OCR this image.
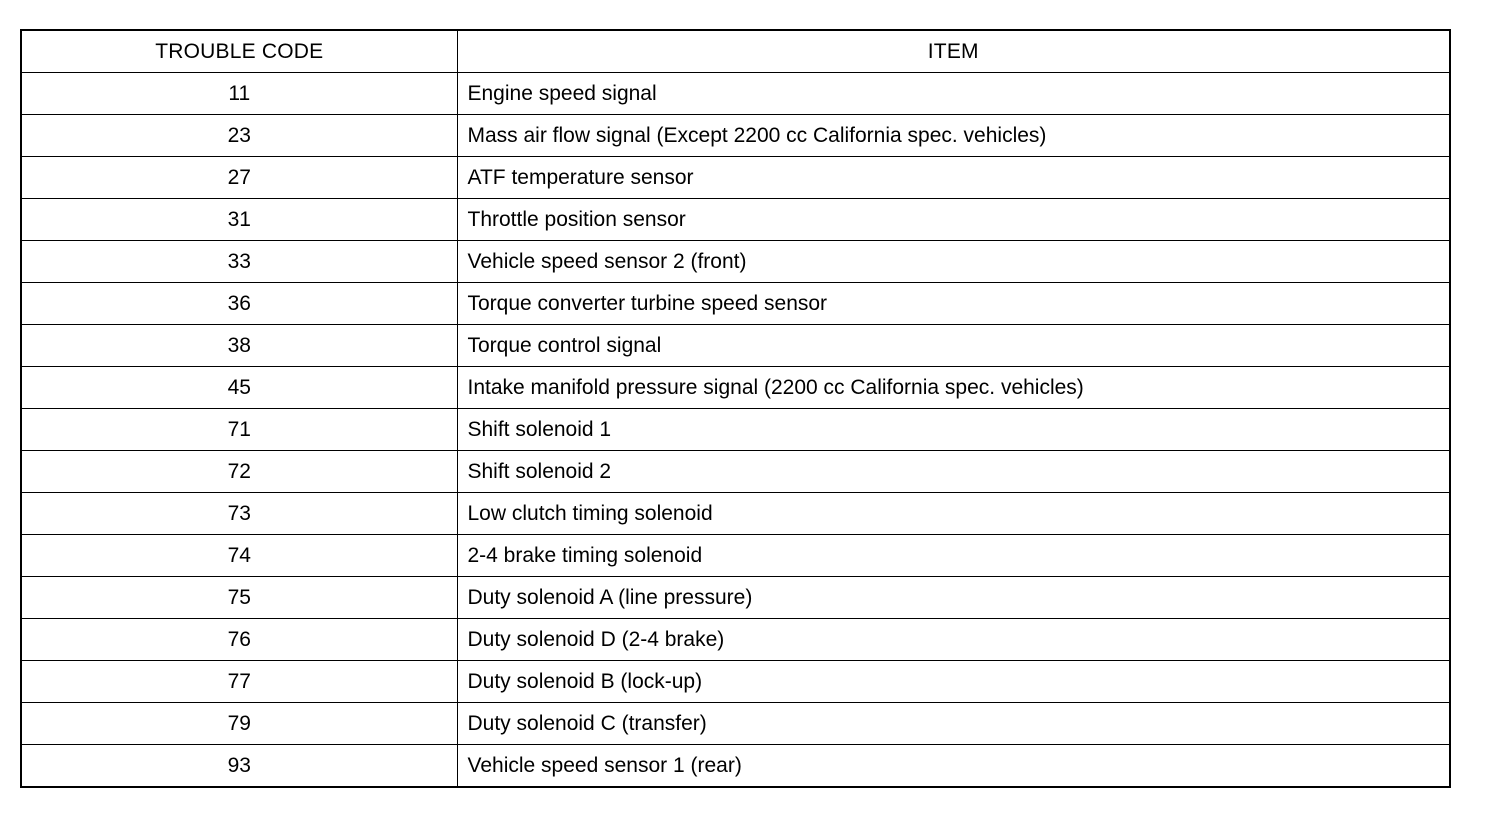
TROUBLE CODE	ITEM
11	Engine speed signal
23	Mass air flow signal (Except 2200 cc California spec. vehicles)
27	ATF temperature sensor
31	Throttle position sensor
33	Vehicle speed sensor 2 (front)
36	Torque converter turbine speed sensor
38	Torque control signal
45	Intake manifold pressure signal (2200 cc California spec. vehicles)
71	Shift solenoid 1
72	Shift solenoid 2
73	Low clutch timing solenoid
74	2-4 brake timing solenoid
75	Duty solenoid A (line pressure)
76	Duty solenoid D (2-4 brake)
77	Duty solenoid B (lock-up)
79	Duty solenoid C (transfer)
93	Vehicle speed sensor 1 (rear)
